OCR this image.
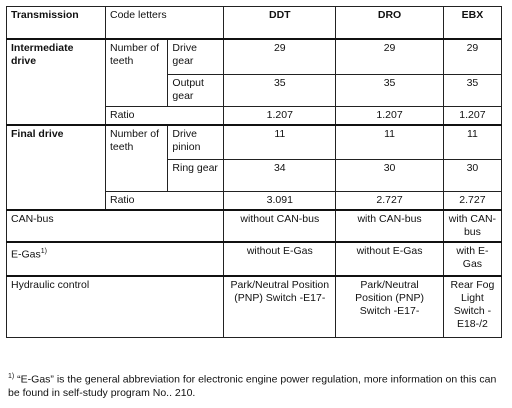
Transmission	Code letters		DDT	DRO	EBX
Intermediate drive	Number of teeth	Drive gear	29	29	29
		Output gear	35	35	35
	Ratio		1.207	1.207	1.207
Final drive	Number of teeth	Drive pinion	11	11	11
		Ring gear	34	30	30
	Ratio		3.091	2.727	2.727
CAN-bus			without CAN-bus	with CAN-bus	with CAN-bus
E-Gas$^{1)}$			without E-Gas	without E-Gas	with E-Gas
Hydraulic control			Park/Neutral Position (PNP) Switch -E17-	Park/Neutral Position (PNP) Switch -E17-	Rear Fog Light Switch -E18-/2
$^{1)}$ “E-Gas” is the general abbreviation for electronic engine power regulation, more information on this can be found in self-study program No.. 210.
